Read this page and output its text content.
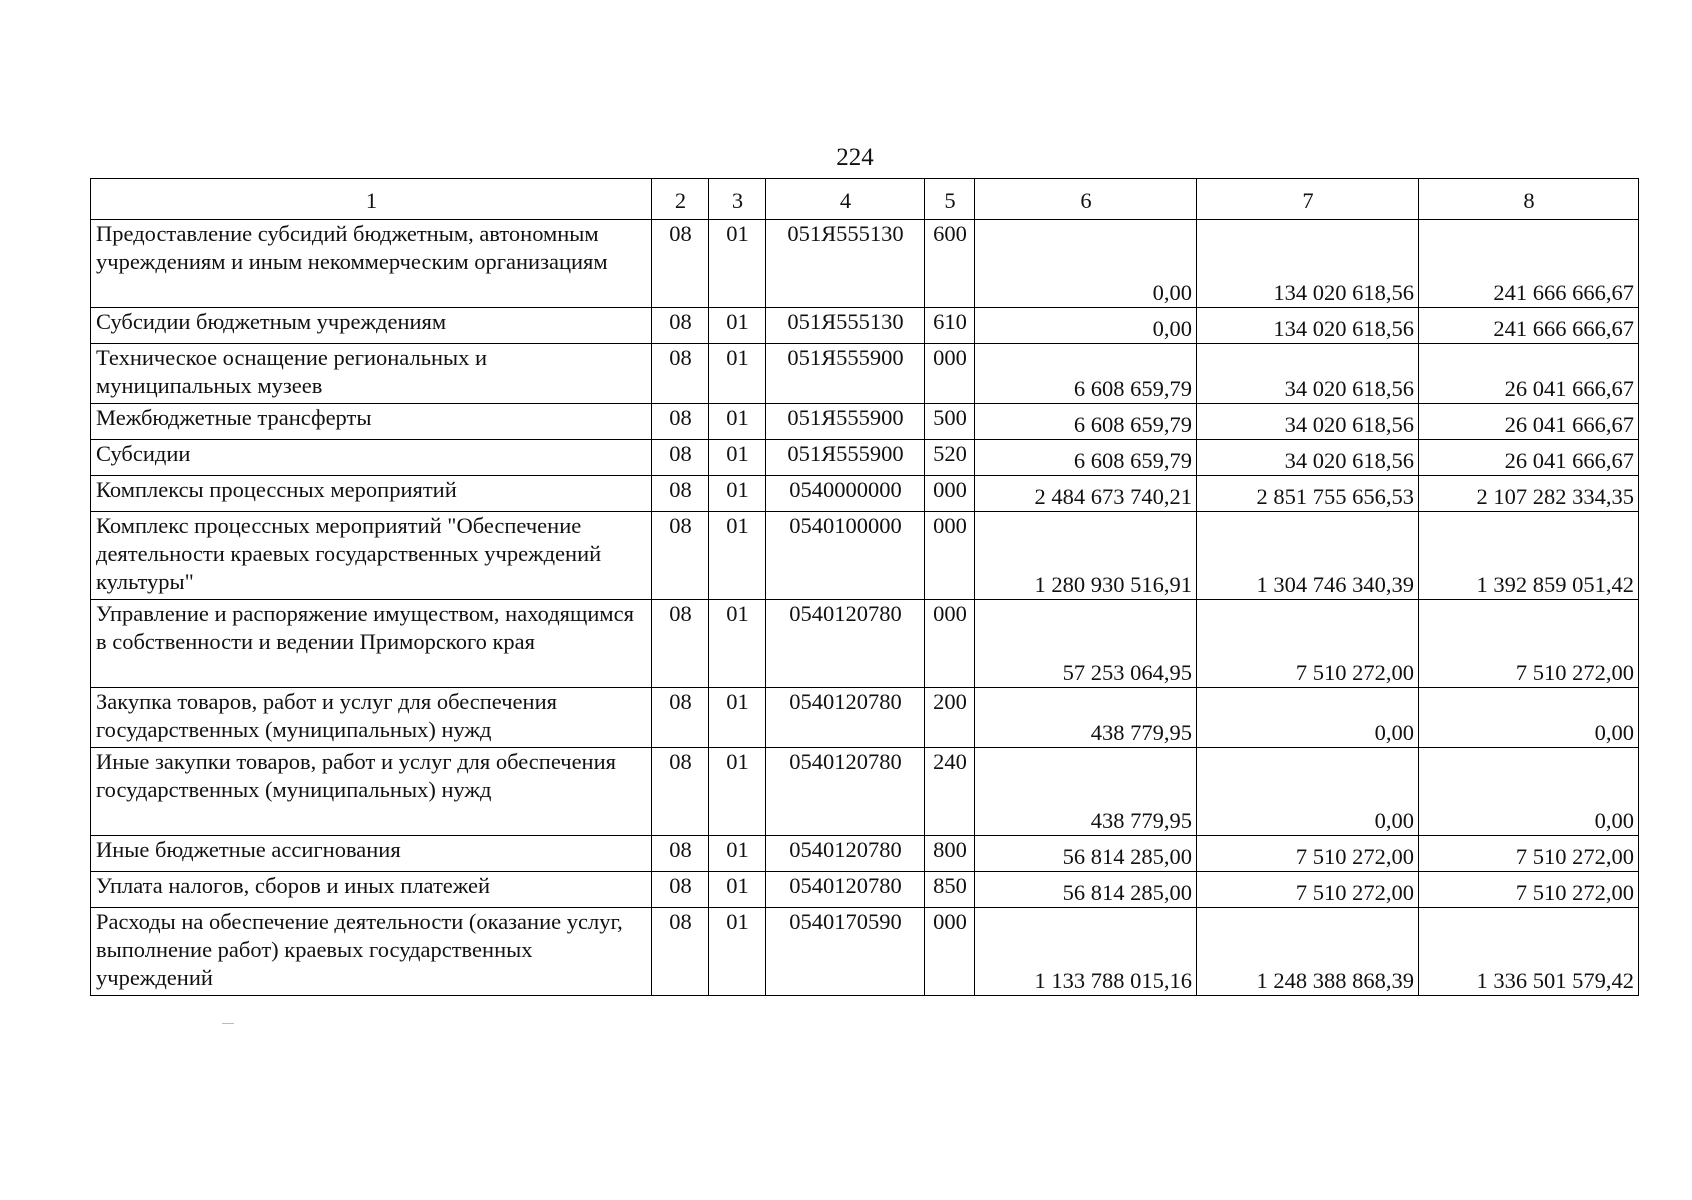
224
1	2	3	4	5	6	7	8
Предоставление субсидий бюджетным, автономным учреждениям и иным некоммерческим организациям	08	01	051Я555130	600	0,00	134 020 618,56	241 666 666,67
Субсидии бюджетным учреждениям	08	01	051Я555130	610	0,00	134 020 618,56	241 666 666,67
Техническое оснащение региональных и муниципальных музеев	08	01	051Я555900	000	6 608 659,79	34 020 618,56	26 041 666,67
Межбюджетные трансферты	08	01	051Я555900	500	6 608 659,79	34 020 618,56	26 041 666,67
Субсидии	08	01	051Я555900	520	6 608 659,79	34 020 618,56	26 041 666,67
Комплексы процессных мероприятий	08	01	0540000000	000	2 484 673 740,21	2 851 755 656,53	2 107 282 334,35
Комплекс процессных мероприятий "Обеспечение деятельности краевых государственных учреждений культуры"	08	01	0540100000	000	1 280 930 516,91	1 304 746 340,39	1 392 859 051,42
Управление и распоряжение имуществом, находящимся в собственности и ведении Приморского края	08	01	0540120780	000	57 253 064,95	7 510 272,00	7 510 272,00
Закупка товаров, работ и услуг для обеспечения государственных (муниципальных) нужд	08	01	0540120780	200	438 779,95	0,00	0,00
Иные закупки товаров, работ и услуг для обеспечения государственных (муниципальных) нужд	08	01	0540120780	240	438 779,95	0,00	0,00
Иные бюджетные ассигнования	08	01	0540120780	800	56 814 285,00	7 510 272,00	7 510 272,00
Уплата налогов, сборов и иных платежей	08	01	0540120780	850	56 814 285,00	7 510 272,00	7 510 272,00
Расходы на обеспечение деятельности (оказание услуг, выполнение работ) краевых государственных учреждений	08	01	0540170590	000	1 133 788 015,16	1 248 388 868,39	1 336 501 579,42
